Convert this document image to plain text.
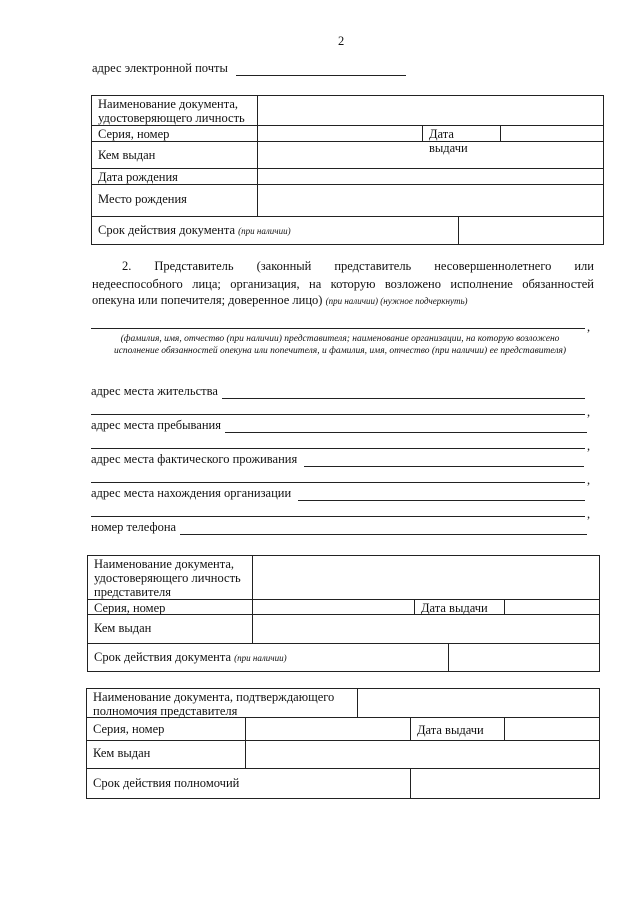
2
адрес электронной почты
Наименование документа, удостоверяющего личность
Серия, номер	Дата выдачи
Кем выдан
Дата рождения
Место рождения
Срок действия документа (при наличии)
2. Представитель (законный представитель несовершеннолетнего или
недееспособного лица; организация, на которую возложено исполнение обязанностей
опекуна или попечителя; доверенное лицо) (при наличии) (нужное подчеркнуть)
,
(фамилия, имя, отчество (при наличии) представителя; наименование организации, на которую возложено исполнение обязанностей опекуна или попечителя, и фамилия, имя, отчество (при наличии) ее представителя)
адрес места жительства
,
адрес места пребывания
,
адрес места фактического проживания
,
адрес места нахождения организации
,
номер телефона
Наименование документа, удостоверяющего личность представителя
Серия, номер	Дата выдачи
Кем выдан
Срок действия документа (при наличии)
Наименование документа, подтверждающего полномочия представителя
Серия, номер	Дата выдачи
Кем выдан
Срок действия полномочий
